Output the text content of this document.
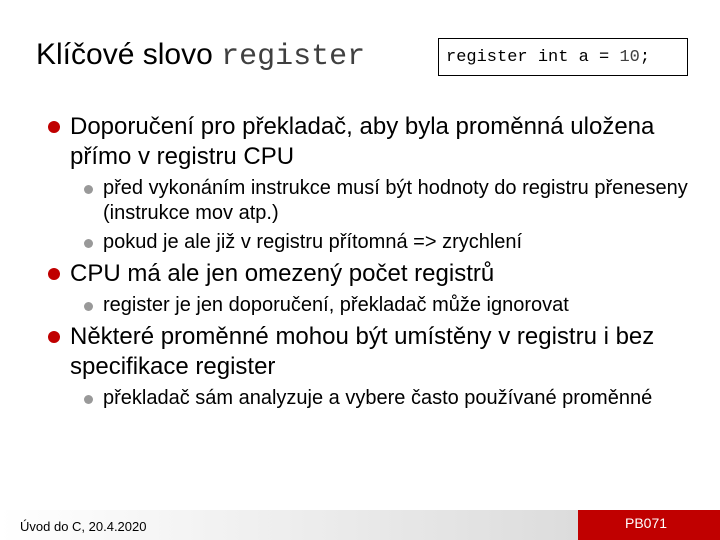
Klíčové slovo register	register int a = 10;
Doporučení pro překladač, aby byla proměnná uložena přímo v registru CPU
před vykonáním instrukce musí být hodnoty do registru přeneseny (instrukce mov atp.)
pokud je ale již v registru přítomná => zrychlení
CPU má ale jen omezený počet registrů
register je jen doporučení, překladač může ignorovat
Některé proměnné mohou být umístěny v registru i bez specifikace register
překladač sám analyzuje a vybere často používané proměnné
Úvod do C, 20.4.2020	PB071
